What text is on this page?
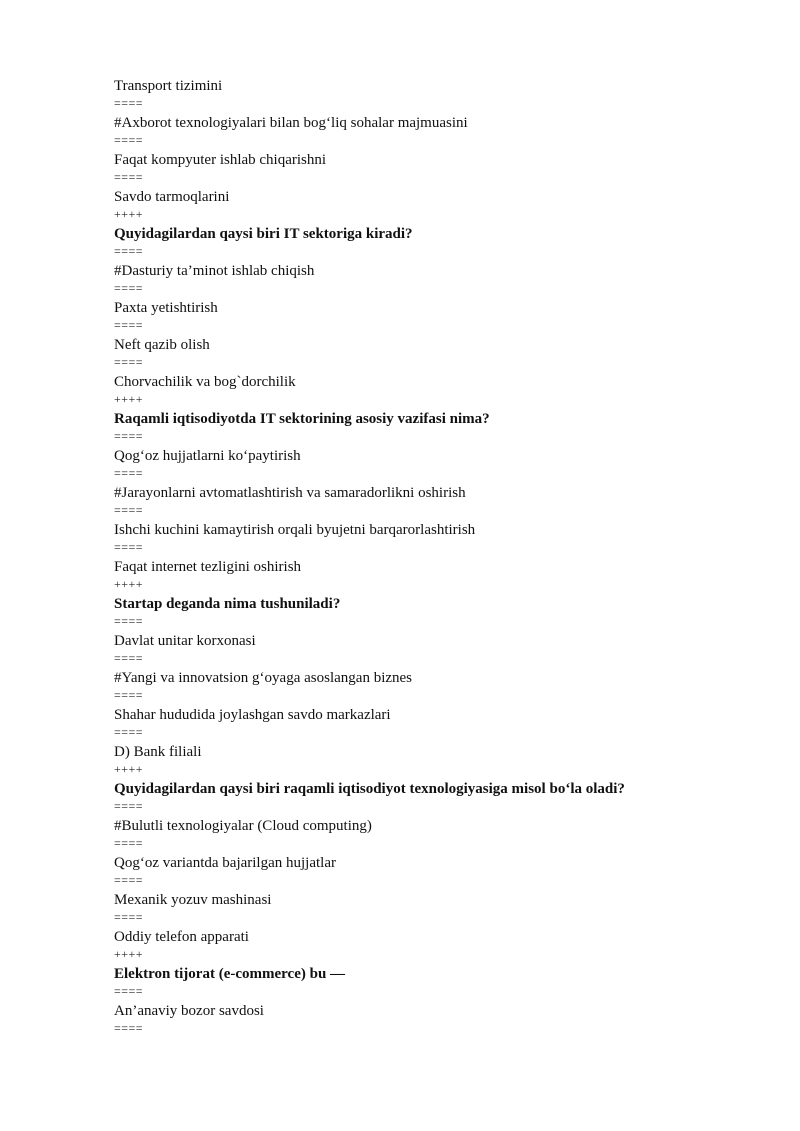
Transport tizimini
====
#Axborot texnologiyalari bilan bog‘liq sohalar majmuasini
====
Faqat kompyuter ishlab chiqarishni
====
Savdo tarmoqlarini
++++
Quyidagilardan qaysi biri IT sektoriga kiradi?
====
#Dasturiy ta’minot ishlab chiqish
====
Paxta yetishtirish
====
Neft qazib olish
====
Chorvachilik va bog`dorchilik
++++
Raqamli iqtisodiyotda IT sektorining asosiy vazifasi nima?
====
Qog‘oz hujjatlarni ko‘paytirish
====
#Jarayonlarni avtomatlashtirish va samaradorlikni oshirish
====
Ishchi kuchini kamaytirish orqali byujetni barqarorlashtirish
====
Faqat internet tezligini oshirish
++++
Startap deganda nima tushuniladi?
====
Davlat unitar korxonasi
====
#Yangi va innovatsion g‘oyaga asoslangan biznes
====
Shahar hududida joylashgan savdo markazlari
====
D) Bank filiali
++++
Quyidagilardan qaysi biri raqamli iqtisodiyot texnologiyasiga misol bo‘la oladi?
====
#Bulutli texnologiyalar (Cloud computing)
====
Qog‘oz variantda bajarilgan hujjatlar
====
Mexanik yozuv mashinasi
====
Oddiy telefon apparati
++++
Elektron tijorat (e-commerce) bu —
====
An’anaviy bozor savdosi
====
